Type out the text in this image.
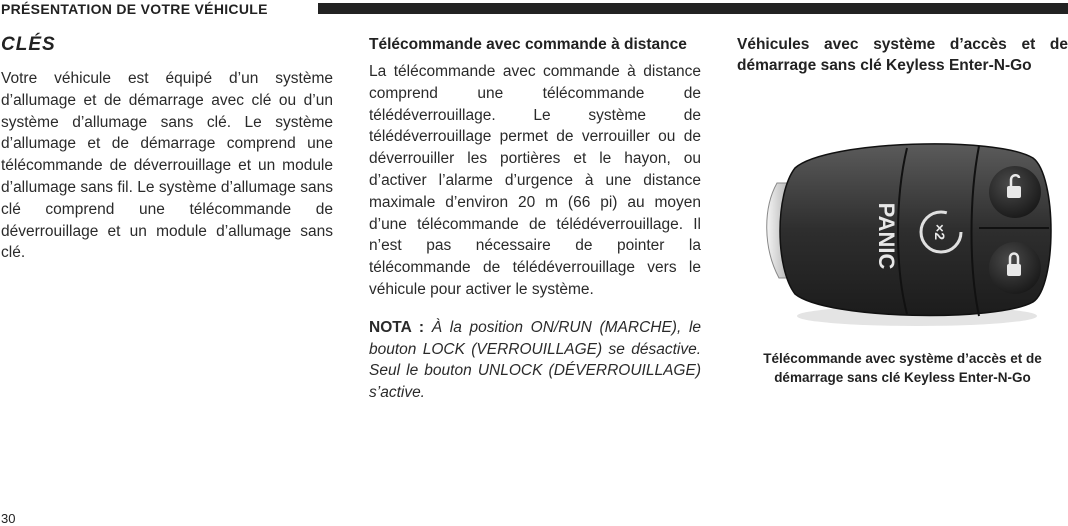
PRÉSENTATION DE VOTRE VÉHICULE
CLÉS

Votre véhicule est équipé d’un système d’allumage et de démarrage avec clé ou d’un système d’allumage sans clé. Le système d’allumage et de démarrage comprend une télécommande de déverrouillage et un module d’allumage sans fil. Le système d’allumage sans clé comprend une télécommande de déverrouillage et un module d’allumage sans clé.

Télécommande avec commande à distance

La télécommande avec commande à distance comprend une télécommande de télédéverrouillage. Le système de télédéverrouillage permet de verrouiller ou de déverrouiller les portières et le hayon, ou d’activer l’alarme d’urgence à une distance maximale d’environ 20 m (66 pi) au moyen d’une télécommande de télédéverrouillage. Il n’est pas nécessaire de pointer la télécommande de télédéverrouillage vers le véhicule pour activer le système.

NOTA : À la position ON/RUN (MARCHE), le bouton LOCK (VERROUILLAGE) se désactive. Seul le bouton UNLOCK (DÉVERROUILLAGE) s’active.

Véhicules avec système d’accès et de démarrage sans clé Keyless Enter-N-Go
PANIC ×2
Télécommande avec système d’accès et de démarrage sans clé Keyless Enter-N-Go
30
